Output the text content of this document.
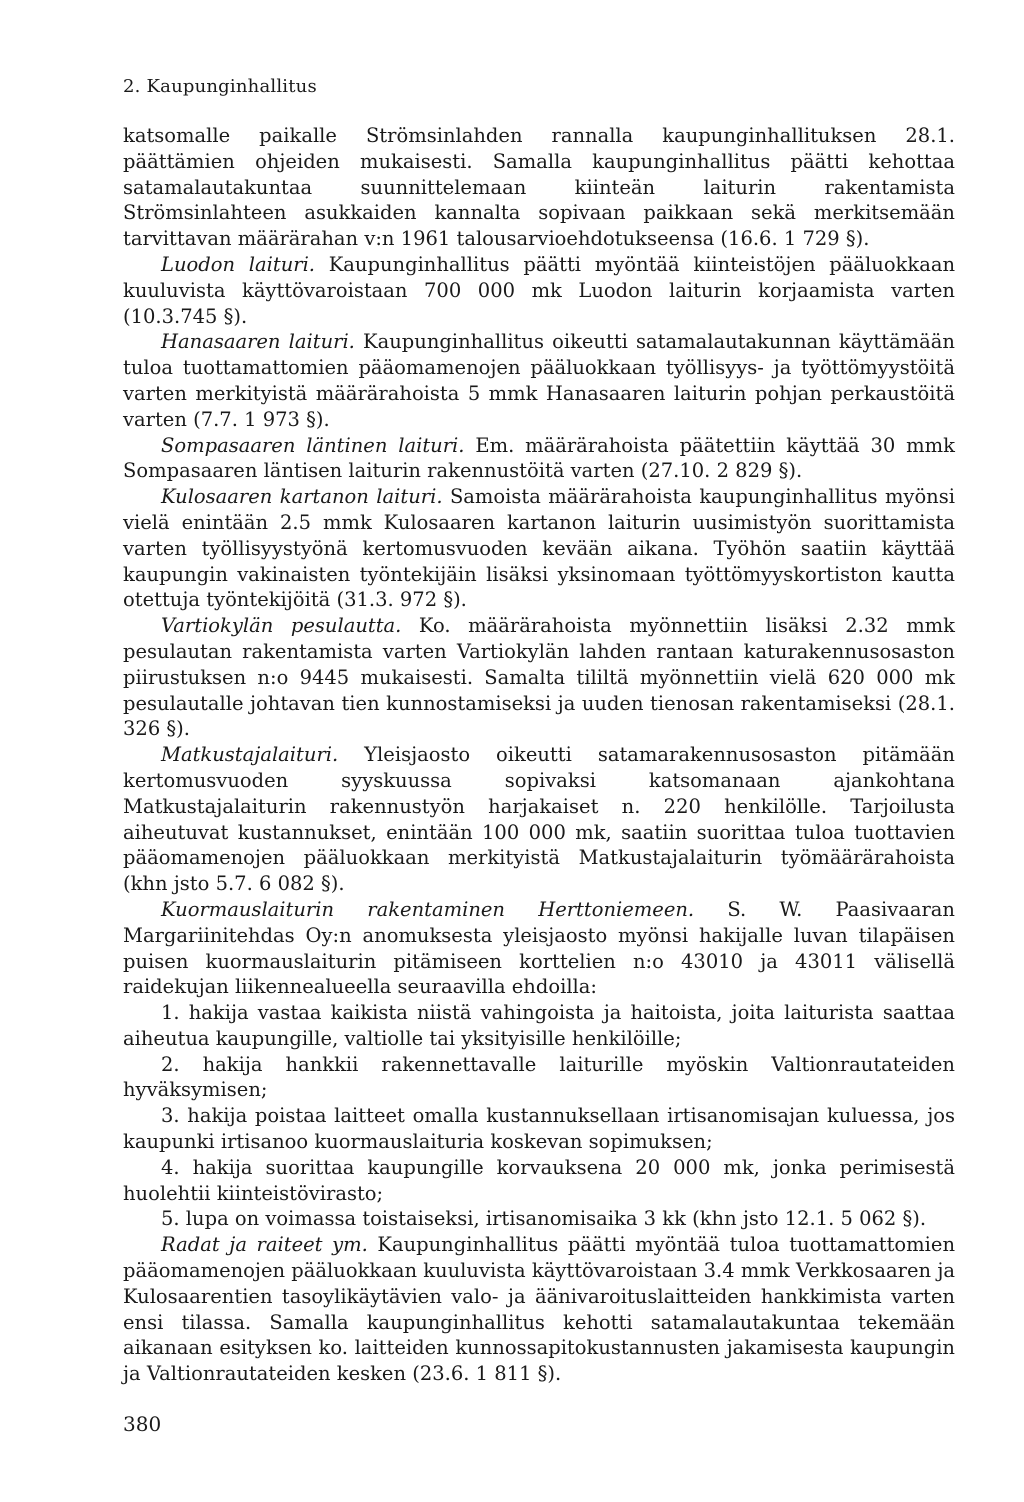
2. Kaupunginhallitus

katsomalle paikalle Strömsinlahden rannalla kaupunginhallituksen 28.1. päättämien ohjeiden mukaisesti. Samalla kaupunginhallitus päätti kehottaa satamalautakuntaa suunnittelemaan kiinteän laiturin rakentamista Strömsinlahteen asukkaiden kannalta sopivaan paikkaan sekä merkitsemään tarvittavan määrärahan v:n 1961 talousarvioehdotukseensa (16.6. 1 729 §).

Luodon laituri. Kaupunginhallitus päätti myöntää kiinteistöjen pääluokkaan kuuluvista käyttövaroistaan 700 000 mk Luodon laiturin korjaamista varten (10.3.745 §).

Hanasaaren laituri. Kaupunginhallitus oikeutti satamalautakunnan käyttämään tuloa tuottamattomien pääomamenojen pääluokkaan työllisyys- ja työttömyystöitä varten merkityistä määrärahoista 5 mmk Hanasaaren laiturin pohjan perkaustöitä varten (7.7. 1 973 §).

Sompasaaren läntinen laituri. Em. määrärahoista päätettiin käyttää 30 mmk Sompasaaren läntisen laiturin rakennustöitä varten (27.10. 2 829 §).

Kulosaaren kartanon laituri. Samoista määrärahoista kaupunginhallitus myönsi vielä enintään 2.5 mmk Kulosaaren kartanon laiturin uusimistyön suorittamista varten työllisyystyönä kertomusvuoden kevään aikana. Työhön saatiin käyttää kaupungin vakinaisten työntekijäin lisäksi yksinomaan työttömyyskortiston kautta otettuja työntekijöitä (31.3. 972 §).

Vartiokylän pesulautta. Ko. määrärahoista myönnettiin lisäksi 2.32 mmk pesulautan rakentamista varten Vartiokylän lahden rantaan katurakennusosaston piirustuksen n:o 9445 mukaisesti. Samalta tililtä myönnettiin vielä 620 000 mk pesulautalle johtavan tien kunnostamiseksi ja uuden tienosan rakentamiseksi (28.1. 326 §).

Matkustajalaituri. Yleisjaosto oikeutti satamarakennusosaston pitämään kertomusvuoden syyskuussa sopivaksi katsomanaan ajankohtana Matkustajalaiturin rakennustyön harjakaiset n. 220 henkilölle. Tarjoilusta aiheutuvat kustannukset, enintään 100 000 mk, saatiin suorittaa tuloa tuottavien pääomamenojen pääluokkaan merkityistä Matkustajalaiturin työmäärärahoista (khn jsto 5.7. 6 082 §).

Kuormauslaiturin rakentaminen Herttoniemeen. S. W. Paasivaaran Margariinitehdas Oy:n anomuksesta yleisjaosto myönsi hakijalle luvan tilapäisen puisen kuormauslaiturin pitämiseen korttelien n:o 43010 ja 43011 välisellä raidekujan liikennealueella seuraavilla ehdoilla:

1. hakija vastaa kaikista niistä vahingoista ja haitoista, joita laiturista saattaa aiheutua kaupungille, valtiolle tai yksityisille henkilöille;

2. hakija hankkii rakennettavalle laiturille myöskin Valtionrautateiden hyväksymisen;

3. hakija poistaa laitteet omalla kustannuksellaan irtisanomisajan kuluessa, jos kaupunki irtisanoo kuormauslaituria koskevan sopimuksen;

4. hakija suorittaa kaupungille korvauksena 20 000 mk, jonka perimisestä huolehtii kiinteistövirasto;

5. lupa on voimassa toistaiseksi, irtisanomisaika 3 kk (khn jsto 12.1. 5 062 §).

Radat ja raiteet ym. Kaupunginhallitus päätti myöntää tuloa tuottamattomien pääomamenojen pääluokkaan kuuluvista käyttövaroistaan 3.4 mmk Verkkosaaren ja Kulosaarentien tasoylikäytävien valo- ja äänivaroituslaitteiden hankkimista varten ensi tilassa. Samalla kaupunginhallitus kehotti satamalautakuntaa tekemään aikanaan esityksen ko. laitteiden kunnossapitokustannusten jakamisesta kaupungin ja Valtionrautateiden kesken (23.6. 1 811 §).

380
